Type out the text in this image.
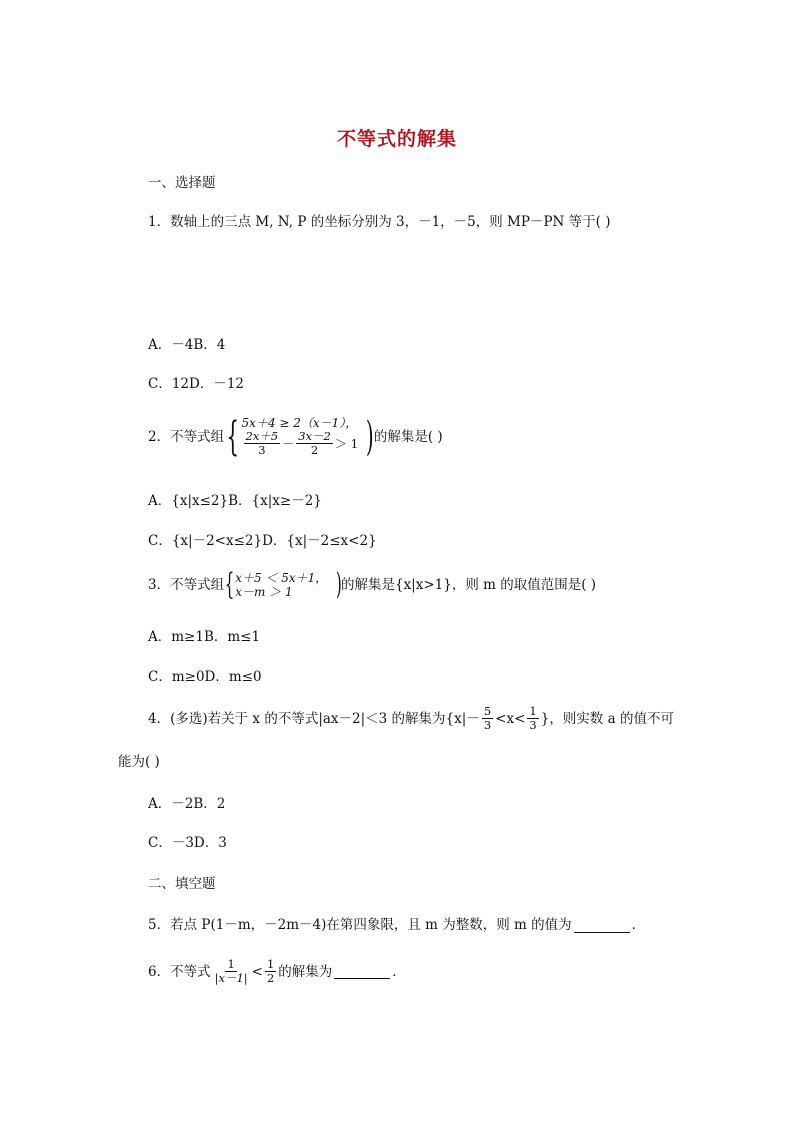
不等式的解集
一、选择题
1．数轴上的三点 M, N, P 的坐标分别为 3，－1，－5，则 MP－PN 等于( )
A．－4B．4
C．12D．－12
2．不等式组 { 5x＋4 ≥ 2（x－1），
$\frac{2x+5}{3} - \frac{3x-2}{2} > 1$ ) 的解集是( )
A．{x|x≤2}B．{x|x≥－2}
C．{x|－2<x≤2}D．{x|－2≤x<2}
3．不等式组 { x＋5 ＜ 5x＋1，
x－m ＞ 1	)
的解集是{x|x>1}，则 m 的取值范围是( )
A．m≥1B．m≤1
C．m≥0D．m≤0
4．(多选)若关于 x 的不等式|ax－2|＜3 的解集为 {$x|- \frac{5}{3} <x< \frac{1}{3}$ } ，则实数 a 的值不可
能为( )
A．－2B．2
C．－3D．3
二、填空题
5．若点 P(1－m，－2m－4)在第四象限，且 m 为整数，则 m 的值为	．
6．不等式 $\frac{1}{|x-1|} < \frac{1}{2}$ 的解集为	．
